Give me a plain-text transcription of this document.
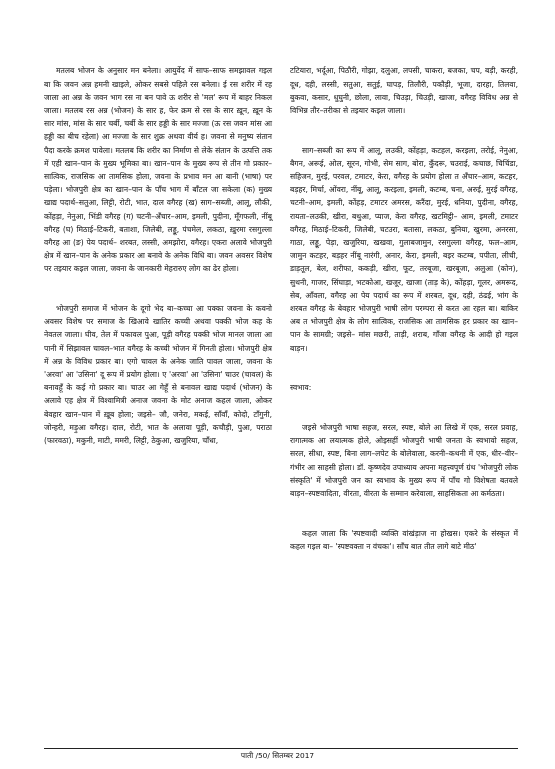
मतलब भोजन के अनुसार मन बनेला। आयुर्वेद में साफ–साफ समझावल गइल बा कि जवन अन्न हमनी खाइले, ओकर सबसे पहिले रस बनेला। ई रस शरीर में रह जाला आ अन्न के जवन भाग रस ना बन पावे ऊ शरीर से 'मल' रूप में बाहर निकल जाला। मतलब रस अन्न (भोजन) के सार ह, फेर क्रम से रस के सार ख़ून, ख़ून के सार मांस, मांस के सार चर्बी, चर्बी के सार हड्डी के सार मज्जा (ऊ रस जवन मांस आ हड्डी का बीच रहेला) आ मज्जा के सार शुक्र अथवा वीर्य ह। जवना से मनुष्य संतान पैदा करके क्रमश पावेला। मतलब कि शरीर का निर्माण से लेके संतान के उत्पत्ति तक में एही खान–पान के मुख्य भूमिका बा। खान–पान के मुख्य रूप से तीन गो प्रकार–सात्विक, राजसिक आ तामसिक होला, जवना के प्रभाव मन आ बानी (भाषा) पर पड़ेला। भोजपुरी क्षेत्र का खान–पान के पाँच भाग में बाँटल जा सकेला (क) मुख्य खाद्य पदार्थ–सतुआ, लिट्टी, रोटी, भात, दाल वगैरह (ख) साग–सब्जी, आलू, लौकी, कोंहड़ा, नेनुआ, भिंडी वगैरह (ग) चटनी–अँचार–आम, इमली, पुदीना, मूँगफली, नींबू वगैरह (घ) मिठाई–टिकरी, बताशा, जिलेबी, लड्डू, पंचमेल, लकठा, ख़ुरमा रसगुल्ला वगैरह आ (ङ) पेय पदार्थ– शरबत, लस्सी, अमझोरा, वगैरह। एकरा अलावे भोजपुरी क्षेत्र में खान–पान के अनेक प्रकार आ बनावे के अनेक विधि बा। जवन अवसर विशेष पर तइयार कइल जाला, जवना के जानकारी मेहरारुए लोग का ढेर होला।

भोजपुरी समाज में भोजन के दूगो भेद बा–कच्चा आ पक्का जवना के कवनो अवसर विशेष पर समाज के खिआवे खातिर कच्ची अथवा पक्की भोज कह के नेवतल जाला। घीव, तेल में पकावल पुआ, पूड़ी वगैरह पक्की भोज मानल जाला आ पानी में सिझावल चावल–भात वगैरह के कच्ची भोजन में गिनती होला। भोजपुरी क्षेत्र में अन्न के विविध प्रकार बा। एगो चावल के अनेक जाति पावल जाला, जवना के 'अरवा' आ 'उसिना' दू रूप में प्रयोग होला। ए 'अरवा' आ 'उसिना' चाउर (चावल) के बनावहूँ के कई गो प्रकार बा। चाउर आ गेहूँ से बनावल खाद्य पदार्थ (भोजन) के अलावे एह क्षेत्र में विश्वामित्री अनाज जवना के मोट अनाज कहल जाला, ओकर बेवहार खान–पान में ख़ूब होला; जइसे– जौ, जनेरा, मकई, साँवाँ, कोदो, टाँगुनी, जोन्हरी, मड़ुआ वगैरह। दाल, रोटी, भात के अलावा पूड़ी, कचौड़ी, पुआ, पराठा (फारवठा), मकुनी, माटी, ममरी, लिट्टी, ठेकुआ, खजुरिया, चाँधा,

टटियारा, भर्दूआ, पिठौरी, गोझा, दलुआ, लपसी, चाकरा, बजका, चप, बड़ी, करही, दूध, दही, लस्सी, सतुआ, सतुई, घापड़, तिलौरी, पकौड़ी, भूजा, दारहा, तिलवा, बुकवा, कसार, धुघुनी, छोला, लावा, चिउड़ा, चिउड़ी, खाजा, वगैरह विविध अन्न से विभिन्न तौर–तरीका से तइयार कइल जाला।

साग–सब्जी का रूप में आलू, लउकी, कोंहड़ा, कटहल, करइला, तरोई, नेनुआ, बैगन, अरूई, ओल, सूरन, गोभी, सेम साग, बोरा, कुँदरू, चउराई, कचाछ, चिचिंडा, सहिजन, मुरई, परवल, टमाटर, केरा, वगैरह के प्रयोग होला त अँचार–आम, कटहर, बड़हर, मिर्चा, ओंवरा, नींबू, आलू, करइला, इमली, कटम्ब, चना, अरुई, मुरई वगैरह, चटनी–आम, इमली, कोंहड़, टमाटर अमरस, करैंदा, मुरई, धनिया, पुदीना, वगैरह, रायता–लउकी, खीरा, बथुआ, प्याज, केरा वगैरह, खटमिट्ठी– आम, इमली, टमाटर वगैरह, मिठाई–टिकरी, जिलेबी, चटउरा, बतासा, लकठा, बुनिया, खुरमा, अनरसा, गाठा, लड्डू, पेड़ा, खजुरिया, खखवा, गुलाबजामुन, रसगुल्ला वगैरह, फल–आम, जामुन कटहर, बड़हर नींबू नारंगी, अनार, केरा, इमली, बइर कटम्ब, पपीता, लीची, डाड़तूल, बेल, शरीफा, ककड़ी, खीरा, फूट, तरबूजा, खरबूजा, अलुआ (कोन), सुथनी, गाजर, सिंघाड़ा, भटकोआ, खजूर, खाजा (ताड़ के), कोंहड़ा, गूलर, अमरूद, सेब, आँवला, वगैरह आ पेय पदार्थ का रूप में शरबत, दूध, दही, ठंढई, भांग के शरबत वगैरह के बेवहार भोजपुरी भाषी लोग परम्परा से करत आ रहल बा। बाकिर अब त भोजपुरी क्षेत्र के लोग सात्विक, राजसिक आ तामसिक हर प्रकार का खान–पान के सामग्री; जइसे– मांस मछरी, ताड़ी, शराब, गाँजा वगैरह के आदी हो गइल बाड़न।

स्वभाव:

जइसे भोजपुरी भाषा सहज, सरल, स्पष्ट, बोले आ लिखे में एक, सरल प्रवाह, रागात्मक आ लयात्मक होले, ओइसहीं भोजपुरी भाषी जनता के स्वभावो सहज, सरल, सीधा, स्पष्ट, बिना लाग–लपेट के बोलेवाला, करनी–कथनी में एक, धीर–वीर–गंभीर आ साहसी होला। डॉ. कृष्णदेव उपाध्याय अपना महत्त्वपूर्ण ग्रंथ 'भोजपुरी लोक संस्कृति' में भोजपुरी जन का स्वभाव के मुख्य रूप में पाँच गो विशेषता बतवले बाड़न–स्पष्टवादिता, वीरता, वीरता के सम्मान करेवाला, साहसिकता आ कर्मठता।

कहल जाला कि 'स्पष्टवादी व्यक्ति वांखंड़ाज ना होखस। एकरे के संस्कृत में कहल गइल बा– 'स्पष्टवक्ता न वंचकः'। साँच बात तीत लागे बाटे मीठ'

पाती /50/ सितम्बर 2017
